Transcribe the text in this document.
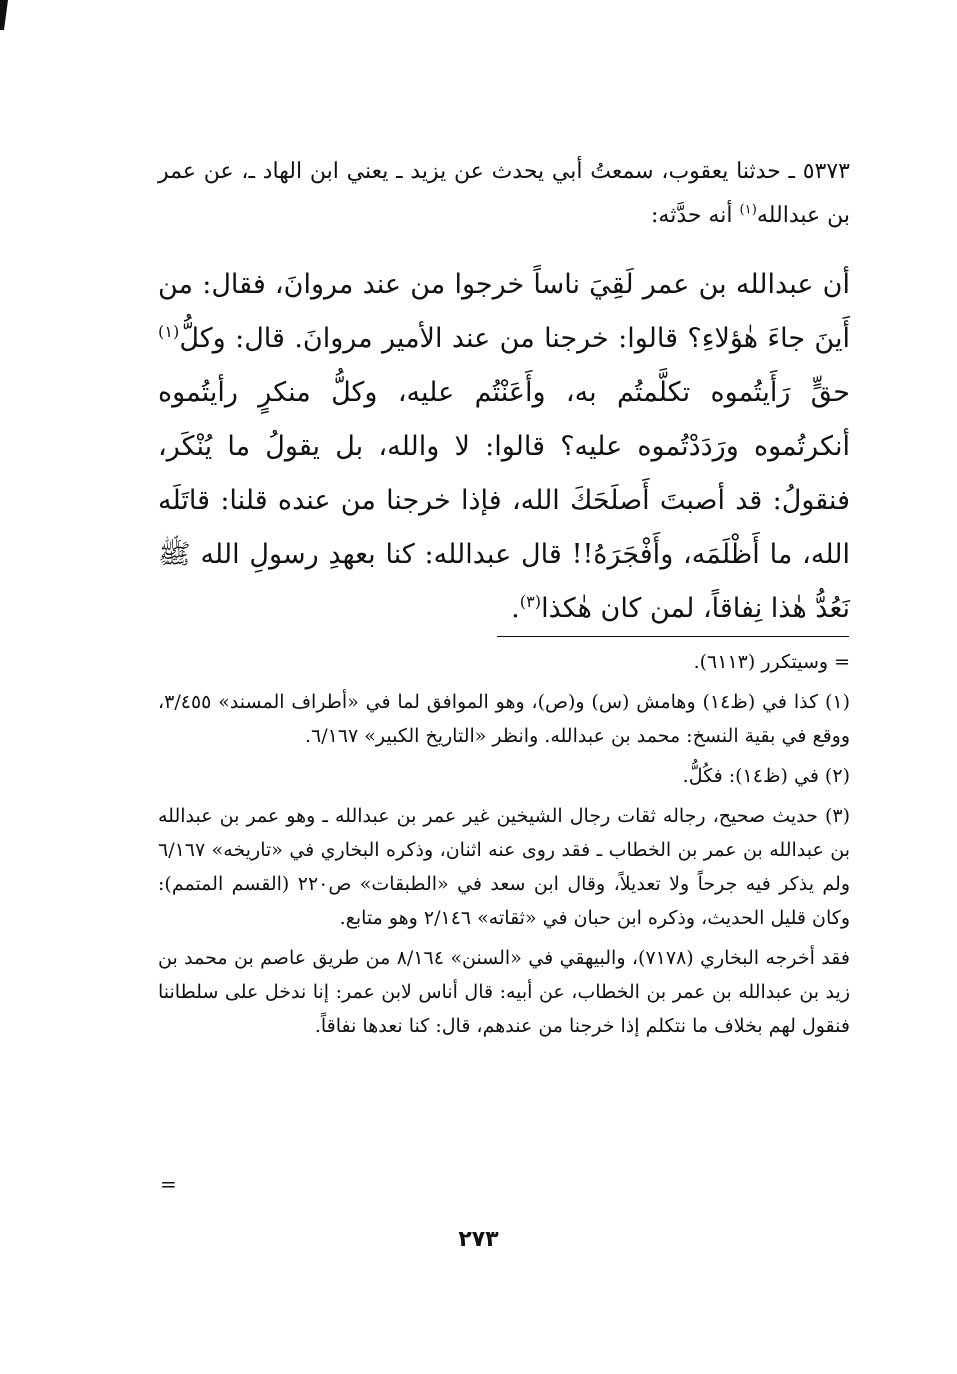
٥٣٧٣ ـ حدثنا يعقوب، سمعتُ أبي يحدث عن يزيد ـ يعني ابن الهاد ـ، عن عمر بن عبدالله$^{(١)}$ أنه حدَّثه:
أن عبدالله بن عمر لَقِيَ ناساً خرجوا من عند مروانَ، فقال: من أَينَ جاءَ هٰؤلاءِ؟ قالوا: خرجنا من عند الأمير مروانَ. قال: وكلُّ$^{(١)}$ حقٍّ رَأَيتُموه تكلَّمتُم به، وأَعَنْتُم عليه، وكلُّ منكرٍ رأيتُموه أنكرتُموه ورَدَدْتُموه عليه؟ قالوا: لا والله، بل يقولُ ما يُنْكَر، فنقولُ: قد أصبتَ أَصلَحَكَ الله، فإذا خرجنا من عنده قلنا: قاتَلَه الله، ما أَظْلَمَه، وأَفْجَرَهُ!! قال عبدالله: كنا بعهدِ رسولِ الله ﷺ نَعُدُّ هٰذا نِفاقاً، لمن كان هٰكذا$^{(٣)}$.

= وسيتكرر (٦١١٣).

(١) كذا في (ظ١٤) وهامش (س) و(ص)، وهو الموافق لما في «أطراف المسند» ٣/٤٥٥، ووقع في بقية النسخ: محمد بن عبدالله. وانظر «التاريخ الكبير» ٦/١٦٧.

(٢) في (ظ١٤): فكُلُّ.

(٣) حديث صحيح، رجاله ثقات رجال الشيخين غير عمر بن عبدالله ـ وهو عمر بن عبدالله بن عبدالله بن عمر بن الخطاب ـ فقد روى عنه اثنان، وذكره البخاري في «تاريخه» ٦/١٦٧ ولم يذكر فيه جرحاً ولا تعديلاً، وقال ابن سعد في «الطبقات» ص٢٢٠ (القسم المتمم): وكان قليل الحديث، وذكره ابن حبان في «ثقاته» ٢/١٤٦ وهو متابع.

فقد أخرجه البخاري (٧١٧٨)، والبيهقي في «السنن» ٨/١٦٤ من طريق عاصم بن محمد بن زيد بن عبدالله بن عمر بن الخطاب، عن أبيه: قال أناس لابن عمر: إنا ندخل على سلطاننا فنقول لهم بخلاف ما نتكلم إذا خرجنا من عندهم، قال: كنا نعدها نفاقاً.

=
٢٧٣
